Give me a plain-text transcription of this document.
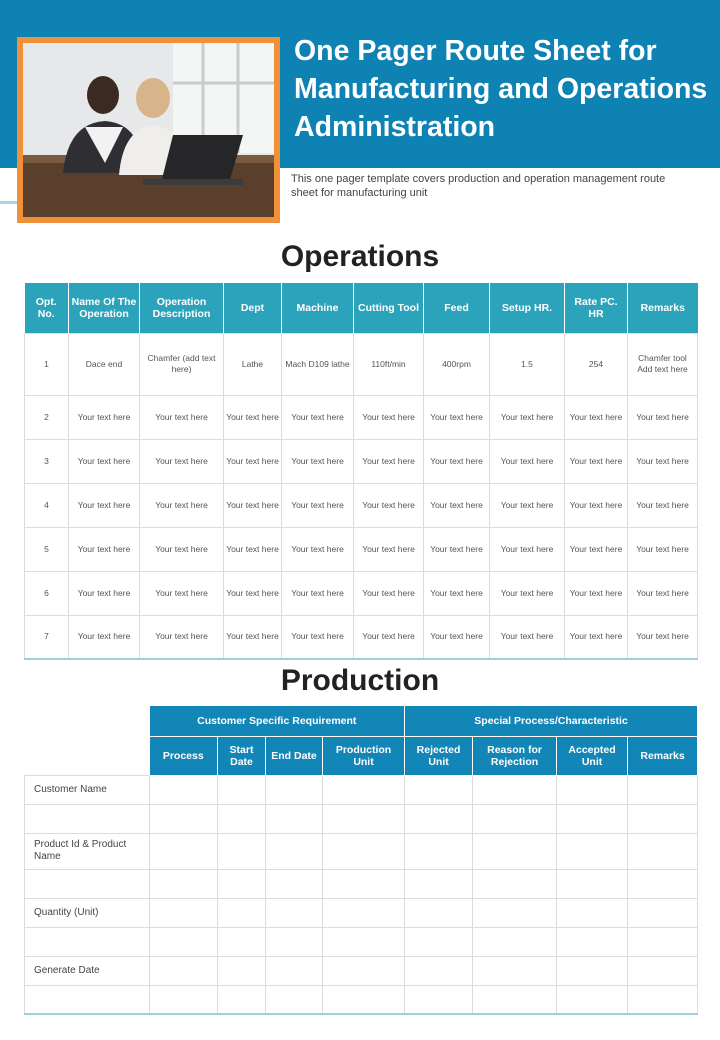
One Pager Route Sheet for Manufacturing and Operations Administration
This one pager template covers production and operation management route sheet for manufacturing unit
Operations
Opt. No.	Name Of The Operation	Operation Description	Dept	Machine	Cutting Tool	Feed	Setup HR.	Rate PC. HR	Remarks
1	Dace end	Chamfer (add text here)	Lathe	Mach D109 lathe	110ft/min	400rpm	1.5	254	Chamfer tool Add text here
2	Your text here	Your text here	Your text here	Your text here	Your text here	Your text here	Your text here	Your text here	Your text here
3	Your text here	Your text here	Your text here	Your text here	Your text here	Your text here	Your text here	Your text here	Your text here
4	Your text here	Your text here	Your text here	Your text here	Your text here	Your text here	Your text here	Your text here	Your text here
5	Your text here	Your text here	Your text here	Your text here	Your text here	Your text here	Your text here	Your text here	Your text here
6	Your text here	Your text here	Your text here	Your text here	Your text here	Your text here	Your text here	Your text here	Your text here
7	Your text here	Your text here	Your text here	Your text here	Your text here	Your text here	Your text here	Your text here	Your text here
Production
	Customer Specific Requirement				Special Process/Characteristic			
	Process	Start Date	End Date	Production Unit	Rejected Unit	Reason for Rejection	Accepted Unit	Remarks
Customer Name								

Product Id & Product Name								

Quantity (Unit)								

Generate Date								
